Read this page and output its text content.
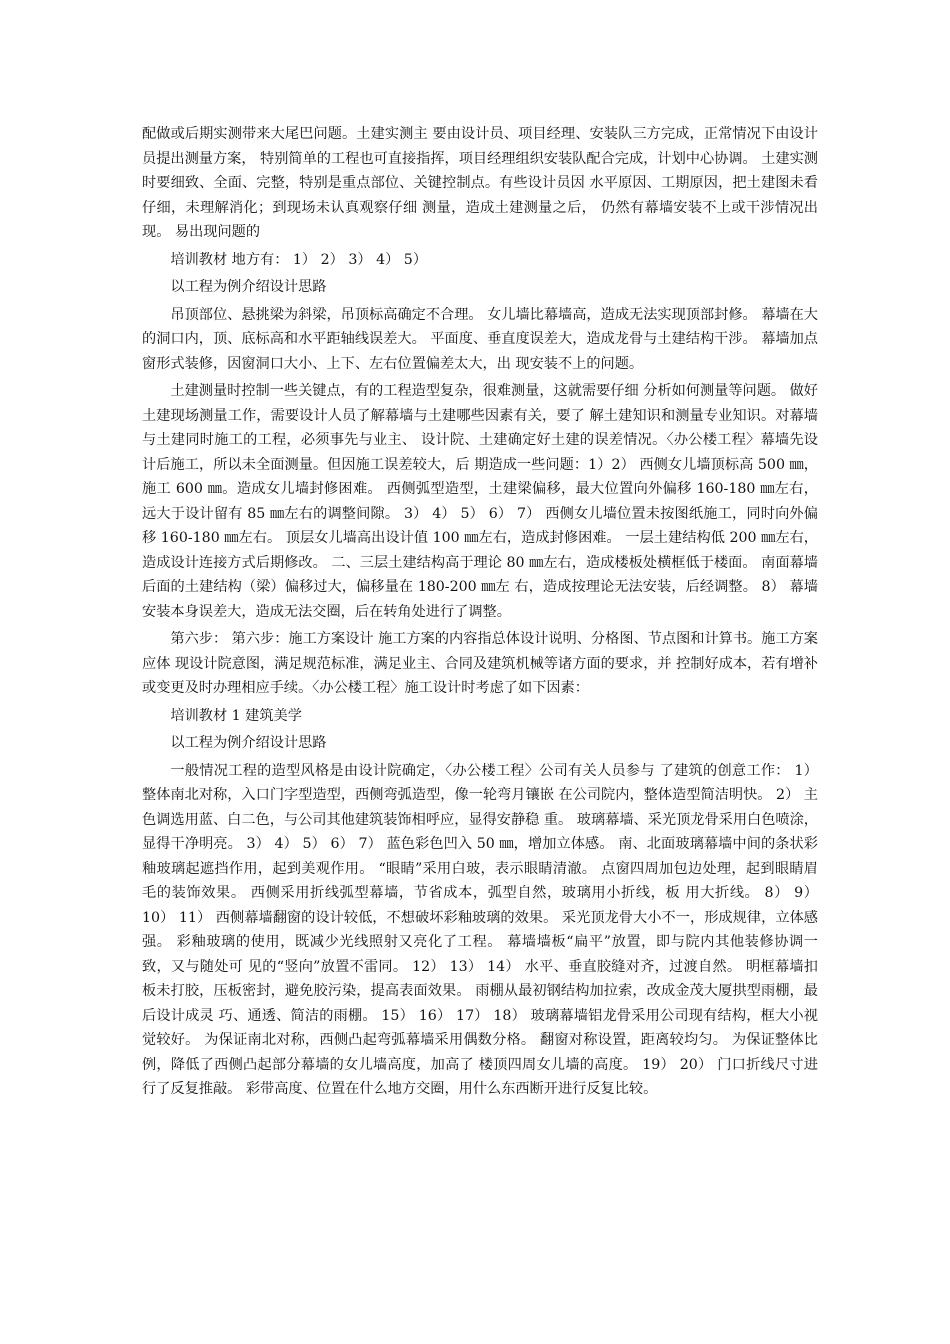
配做或后期实测带来大尾巴问题。土建实测主 要由设计员、项目经理、安装队三方完成，正常情况下由设计员提出测量方案， 特别简单的工程也可直接指挥，项目经理组织安装队配合完成，计划中心协调。 土建实测时要细致、全面、完整，特别是重点部位、关键控制点。有些设计员因 水平原因、工期原因，把土建图未看仔细，未理解消化；到现场未认真观察仔细 测量，造成土建测量之后， 仍然有幕墙安装不上或干涉情况出现。 易出现问题的

培训教材 地方有： 1） 2） 3） 4） 5）

以工程为例介绍设计思路

吊顶部位、悬挑梁为斜梁，吊顶标高确定不合理。 女儿墙比幕墙高，造成无法实现顶部封修。 幕墙在大的洞口内，顶、底标高和水平距轴线误差大。 平面度、垂直度误差大，造成龙骨与土建结构干涉。 幕墙加点窗形式装修，因窗洞口大小、上下、左右位置偏差太大，出 现安装不上的问题。

土建测量时控制一些关键点，有的工程造型复杂，很难测量，这就需要仔细 分析如何测量等问题。 做好土建现场测量工作，需要设计人员了解幕墙与土建哪些因素有关，要了 解土建知识和测量专业知识。对幕墙与土建同时施工的工程，必须事先与业主、 设计院、土建确定好土建的误差情况。〈办公楼工程〉幕墙先设计后施工，所以未全面测量。但因施工误差较大，后 期造成一些问题：1）2） 西侧女儿墙顶标高 500 ㎜，施工 600 ㎜。造成女儿墙封修困难。 西侧弧型造型，土建梁偏移，最大位置向外偏移 160-180 ㎜左右， 远大于设计留有 85 ㎜左右的调整间隙。 3） 4） 5） 6） 7） 西侧女儿墙位置未按图纸施工，同时向外偏移 160-180 ㎜左右。 顶层女儿墙高出设计值 100 ㎜左右，造成封修困难。 一层土建结构低 200 ㎜左右，造成设计连接方式后期修改。 二、三层土建结构高于理论 80 ㎜左右，造成楼板处横框低于楼面。 南面幕墙后面的土建结构（梁）偏移过大，偏移量在 180-200 ㎜左 右，造成按理论无法安装，后经调整。 8） 幕墙安装本身误差大，造成无法交圈，后在转角处进行了调整。

第六步： 第六步：施工方案设计 施工方案的内容指总体设计说明、分格图、节点图和计算书。施工方案应体 现设计院意图，满足规范标准，满足业主、合同及建筑机械等诸方面的要求，并 控制好成本，若有增补或变更及时办理相应手续。〈办公楼工程〉施工设计时考虑了如下因素：

培训教材 1 建筑美学

以工程为例介绍设计思路

一般情况工程的造型风格是由设计院确定，〈办公楼工程〉公司有关人员参与 了建筑的创意工作： 1） 整体南北对称，入口门字型造型，西侧弯弧造型，像一轮弯月镶嵌 在公司院内，整体造型简洁明快。 2） 主色调选用蓝、白二色，与公司其他建筑装饰相呼应，显得安静稳 重。 玻璃幕墙、采光顶龙骨采用白色喷涂，显得干净明亮。 3） 4） 5） 6） 7） 蓝色彩色凹入 50 ㎜，增加立体感。 南、北面玻璃幕墙中间的条状彩釉玻璃起遮挡作用，起到美观作用。 “眼睛”采用白玻，表示眼睛清澈。 点窗四周加包边处理，起到眼睛眉毛的装饰效果。 西侧采用折线弧型幕墙，节省成本，弧型自然，玻璃用小折线，板 用大折线。 8） 9） 10） 11） 西侧幕墙翻窗的设计较低，不想破坏彩釉玻璃的效果。 采光顶龙骨大小不一，形成规律，立体感强。 彩釉玻璃的使用，既减少光线照射又亮化了工程。 幕墙墙板“扁平”放置，即与院内其他装修协调一致，又与随处可 见的“竖向”放置不雷同。 12） 13） 14） 水平、垂直胶缝对齐，过渡自然。 明框幕墙扣板未打胶，压板密封，避免胶污染，提高表面效果。 雨棚从最初钢结构加拉索，改成金茂大厦拱型雨棚，最后设计成灵 巧、通透、简洁的雨棚。 15） 16） 17） 18） 玻璃幕墙铝龙骨采用公司现有结构，框大小视觉较好。 为保证南北对称，西侧凸起弯弧幕墙采用偶数分格。 翻窗对称设置，距离较均匀。 为保证整体比例，降低了西侧凸起部分幕墙的女儿墙高度，加高了 楼顶四周女儿墙的高度。 19） 20） 门口折线尺寸进行了反复推敲。 彩带高度、位置在什么地方交圈，用什么东西断开进行反复比较。
